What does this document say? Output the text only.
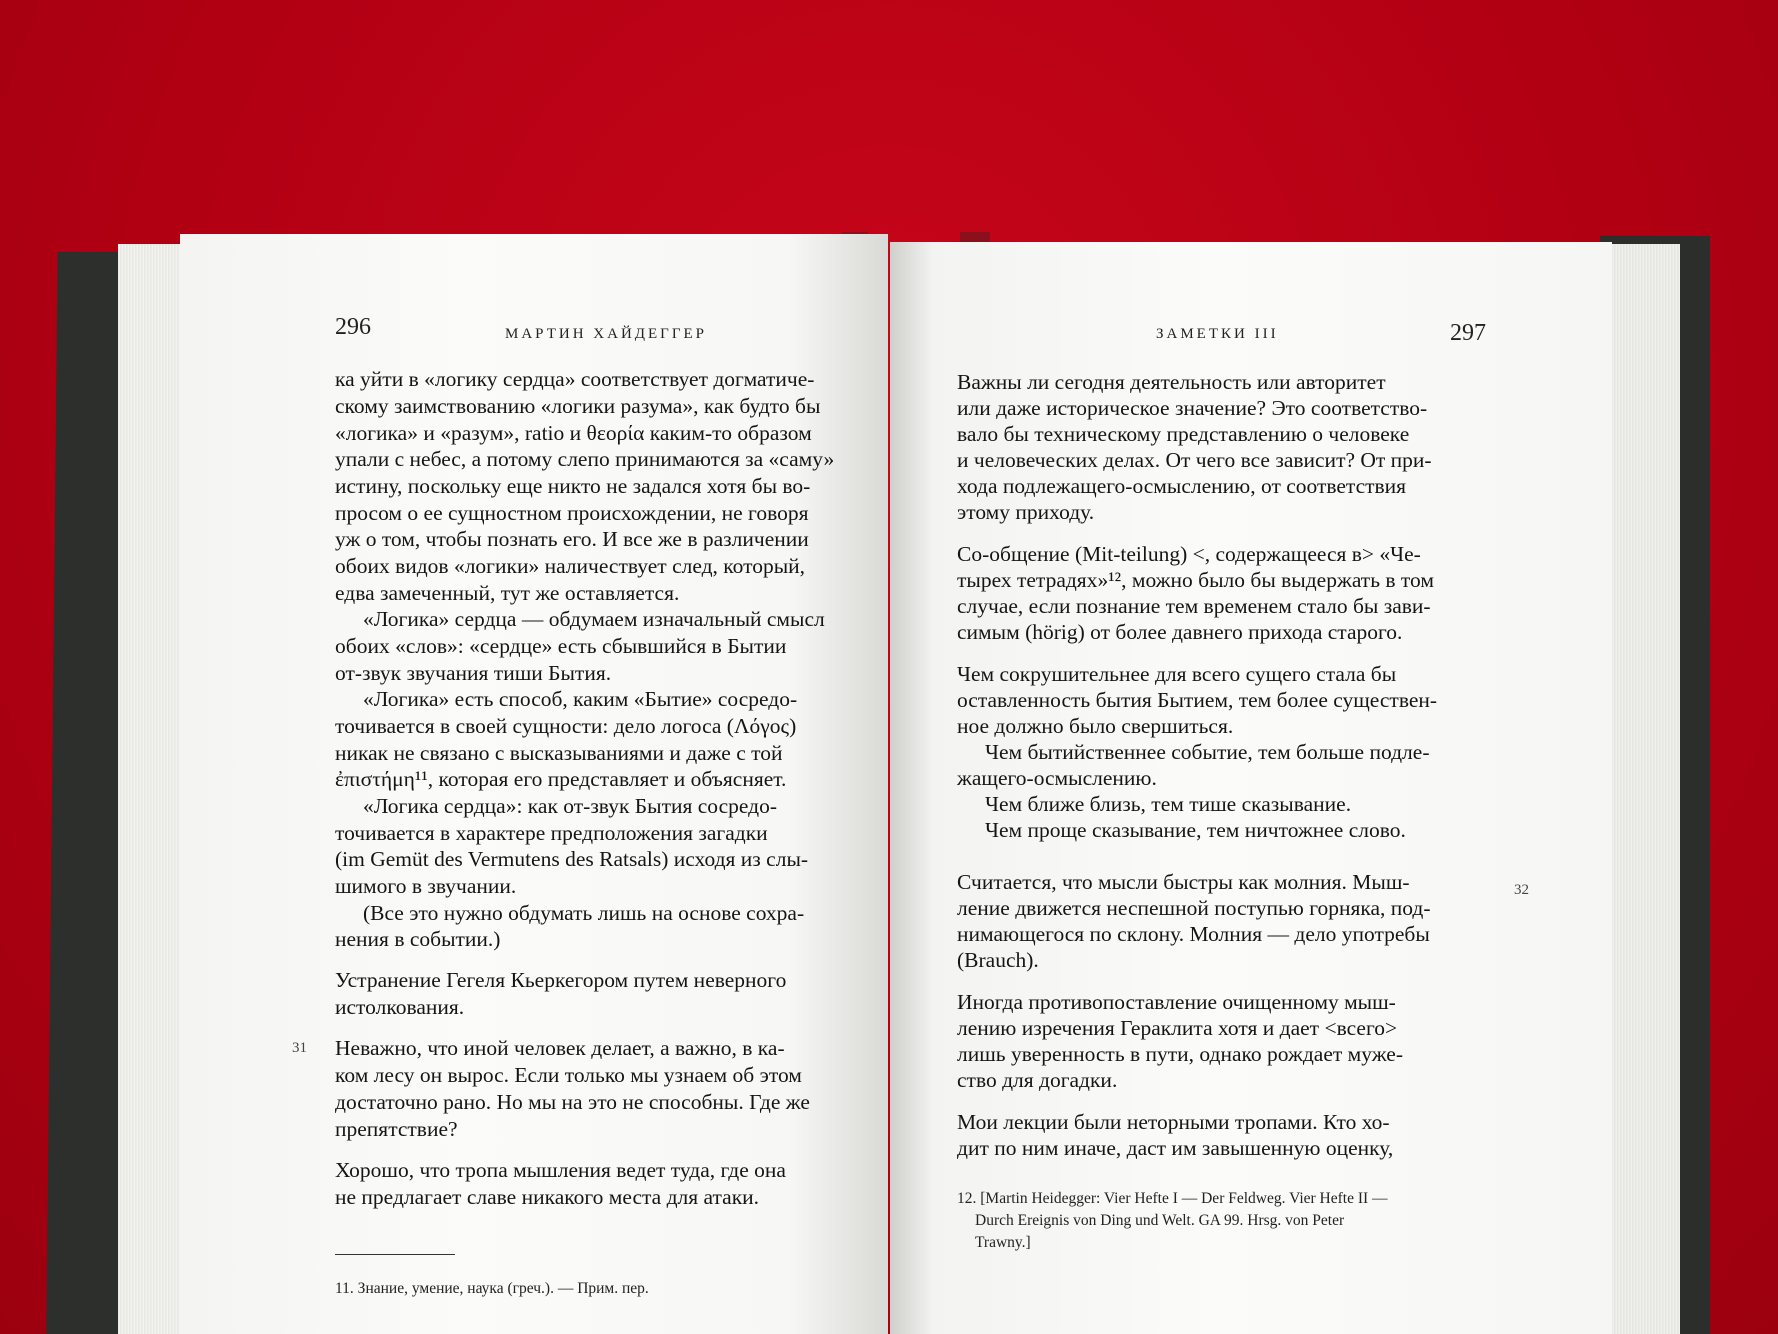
296	МАРТИН ХАЙДЕГГЕР
ка уйти в «логику сердца» соответствует догматиче-
скому заимствованию «логики разума», как будто бы
«логика» и «разум», ratio и θεορία каким-то образом
упали с небес, а потому слепо принимаются за «саму»
истину, поскольку еще никто не задался хотя бы во-
просом о ее сущностном происхождении, не говоря
уж о том, чтобы познать его. И все же в различении
обоих видов «логики» наличествует след, который,
едва замеченный, тут же оставляется.
«Логика» сердца — обдумаем изначальный смысл
обоих «слов»: «сердце» есть сбывшийся в Бытии
от-звук звучания тиши Бытия.
«Логика» есть способ, каким «Бытие» сосредо-
точивается в своей сущности: дело логоса (Λόγος)
никак не связано с высказываниями и даже с той
ἐπιστήμη¹¹, которая его представляет и объясняет.
«Логика сердца»: как от-звук Бытия сосредо-
точивается в характере предположения загадки
(im Gemüt des Vermutens des Ratsals) исходя из слы-
шимого в звучании.
(Все это нужно обдумать лишь на основе сохра-
нения в событии.)
Устранение Гегеля Кьеркегором путем неверного
истолкования.
31 Неважно, что иной человек делает, а важно, в ка-
ком лесу он вырос. Если только мы узнаем об этом
достаточно рано. Но мы на это не способны. Где же
препятствие?
Хорошо, что тропа мышления ведет туда, где она
не предлагает славе никакого места для атаки.
11. Знание, умение, наука (греч.). — Прим. пер.
ЗАМЕТКИ III	297
Важны ли сегодня деятельность или авторитет
или даже историческое значение? Это соответство-
вало бы техническому представлению о человеке
и человеческих делах. От чего все зависит? От при-
хода подлежащего-осмыслению, от соответствия
этому приходу.
Со-общение (Mit-teilung) <, содержащееся в> «Че-
тырех тетрадях»¹², можно было бы выдержать в том
случае, если познание тем временем стало бы зави-
симым (hörig) от более давнего прихода старого.
Чем сокрушительнее для всего сущего стала бы
оставленность бытия Бытием, тем более существен-
ное должно было свершиться.
Чем бытийственнее событие, тем больше подле-
жащего-осмыслению.
Чем ближе близь, тем тише сказывание.
Чем проще сказывание, тем ничтожнее слово.
32
Считается, что мысли быстры как молния. Мыш-
ление движется неспешной поступью горняка, под-
нимающегося по склону. Молния — дело употребы
(Brauch).
Иногда противопоставление очищенному мыш-
лению изречения Гераклита хотя и дает <всего>
лишь уверенность в пути, однако рождает муже-
ство для догадки.
Мои лекции были неторными тропами. Кто хо-
дит по ним иначе, даст им завышенную оценку,
12. [Martin Heidegger: Vier Hefte I — Der Feldweg. Vier Hefte II —
Durch Ereignis von Ding und Welt. GA 99. Hrsg. von Peter
Trawny.]
